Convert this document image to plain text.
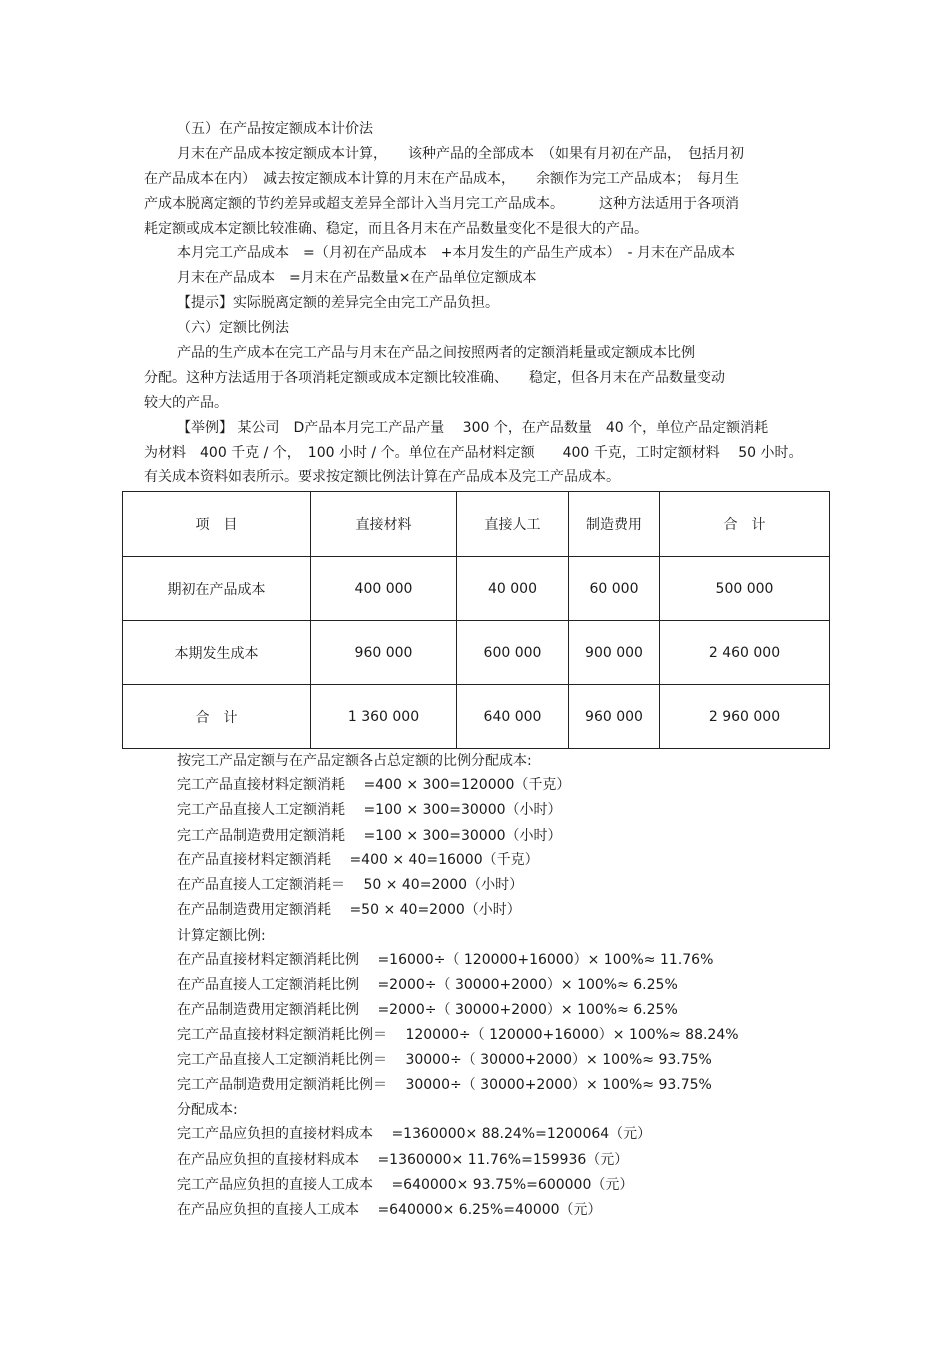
（五）在产品按定额成本计价法
月末在产品成本按定额成本计算，　　该种产品的全部成本　（如果有月初在产品，　包括月初
在产品成本在内）　减去按定额成本计算的月末在产品成本，　　余额作为完工产品成本；　每月生
产成本脱离定额的节约差异或超支差异全部计入当月完工产品成本。　　　这种方法适用于各项消
耗定额或成本定额比较准确、稳定，而且各月末在产品数量变化不是很大的产品。
本月完工产品成本　=（月初在产品成本　+本月发生的产品生产成本）　- 月末在产品成本
月末在产品成本　=月末在产品数量×在产品单位定额成本
【提示】实际脱离定额的差异完全由完工产品负担。
（六）定额比例法
产品的生产成本在完工产品与月末在产品之间按照两者的定额消耗量或定额成本比例
分配。这种方法适用于各项消耗定额或成本定额比较准确、　　稳定，但各月末在产品数量变动
较大的产品。
【举例】 某公司　D产品本月完工产品产量　 300 个，在产品数量　40 个，单位产品定额消耗
为材料　400 千克 / 个，　100 小时 / 个。单位在产品材料定额　　400 千克，工时定额材料　 50 小时。
有关成本资料如表所示。要求按定额比例法计算在产品成本及完工产品成本。
项　目	直接材料	直接人工	制造费用	合　计
期初在产品成本	400 000	40 000	60 000	500 000
本期发生成本	960 000	600 000	900 000	2 460 000
合　计	1 360 000	640 000	960 000	2 960 000
按完工产品定额与在产品定额各占总定额的比例分配成本:
完工产品直接材料定额消耗　 =400 × 300=120000（千克）
完工产品直接人工定额消耗　 =100 × 300=30000（小时）
完工产品制造费用定额消耗　 =100 × 300=30000（小时）
在产品直接材料定额消耗　 =400 × 40=16000（千克）
在产品直接人工定额消耗＝　 50 × 40=2000（小时）
在产品制造费用定额消耗　 =50 × 40=2000（小时）
计算定额比例:
在产品直接材料定额消耗比例　 =16000÷（ 120000+16000）× 100%≈ 11.76%
在产品直接人工定额消耗比例　 =2000÷（ 30000+2000）× 100%≈ 6.25%
在产品制造费用定额消耗比例　 =2000÷（ 30000+2000）× 100%≈ 6.25%
完工产品直接材料定额消耗比例＝　 120000÷（ 120000+16000）× 100%≈ 88.24%
完工产品直接人工定额消耗比例＝　 30000÷（ 30000+2000）× 100%≈ 93.75%
完工产品制造费用定额消耗比例＝　 30000÷（ 30000+2000）× 100%≈ 93.75%
分配成本:
完工产品应负担的直接材料成本　 =1360000× 88.24%=1200064（元）
在产品应负担的直接材料成本　 =1360000× 11.76%=159936（元）
完工产品应负担的直接人工成本　 =640000× 93.75%=600000（元）
在产品应负担的直接人工成本　 =640000× 6.25%=40000（元）
